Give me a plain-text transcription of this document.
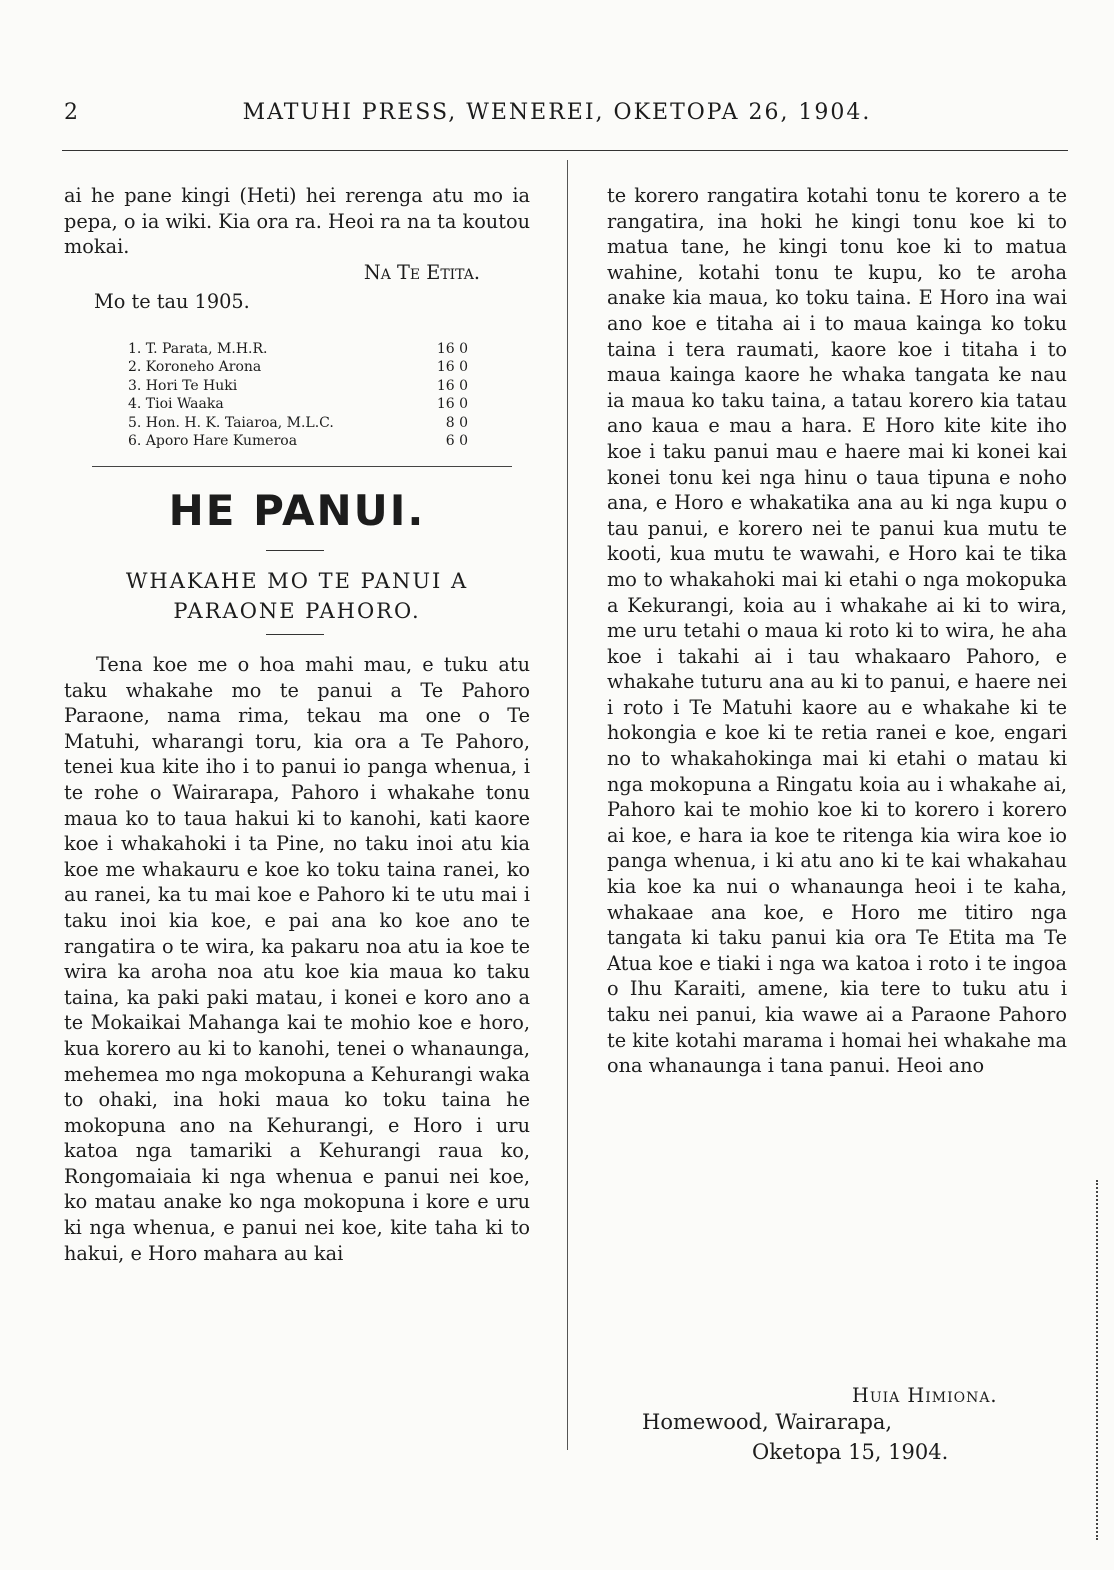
2	MATUHI PRESS, WENEREI, OKETOPA 26, 1904.

ai he pane kingi (Heti) hei rerenga atu mo ia pepa, o ia wiki. Kia ora ra. Heoi ra na ta koutou mokai.

Na Te Etita.
Mo te tau 1905.
1. T. Parata, M.H.R.	16 0
2. Koroneho Arona	16 0
3. Hori Te Huki	16 0
4. Tioi Waaka	16 0
5. Hon. H. K. Taiaroa, M.L.C.	8 0
6. Aporo Hare Kumeroa	6 0
HE PANUI.
WHAKAHE MO TE PANUI A
PARAONE PAHORO.

Tena koe me o hoa mahi mau, e tuku atu taku whakahe mo te panui a Te Pahoro Paraone, nama rima, tekau ma one o Te Matuhi, wharangi toru, kia ora a Te Pahoro, tenei kua kite iho i to panui io panga whenua, i te rohe o Wairarapa, Pahoro i whakahe tonu maua ko to taua hakui ki to kanohi, kati kaore koe i whakahoki i ta Pine, no taku inoi atu kia koe me whakauru e koe ko toku taina ranei, ko au ranei, ka tu mai koe e Pahoro ki te utu mai i taku inoi kia koe, e pai ana ko koe ano te rangatira o te wira, ka pakaru noa atu ia koe te wira ka aroha noa atu koe kia maua ko taku taina, ka paki paki matau, i konei e koro ano a te Mokaikai Mahanga kai te mohio koe e horo, kua korero au ki to kanohi, tenei o whanaunga, mehemea mo nga mokopuna a Kehurangi waka to ohaki, ina hoki maua ko toku taina he mokopuna ano na Kehurangi, e Horo i uru katoa nga tamariki a Kehurangi raua ko, Rongomaiaia ki nga whenua e panui nei koe, ko matau anake ko nga mokopuna i kore e uru ki nga whenua, e panui nei koe, kite taha ki to hakui, e Horo mahara au kai

te korero rangatira kotahi tonu te korero a te rangatira, ina hoki he kingi tonu koe ki to matua tane, he kingi tonu koe ki to matua wahine, kotahi tonu te kupu, ko te aroha anake kia maua, ko toku taina. E Horo ina wai ano koe e titaha ai i to maua kainga ko toku taina i tera raumati, kaore koe i titaha i to maua kainga kaore he whaka tangata ke nau ia maua ko taku taina, a tatau korero kia tatau ano kaua e mau a hara. E Horo kite kite iho koe i taku panui mau e haere mai ki konei kai konei tonu kei nga hinu o taua tipuna e noho ana, e Horo e whakatika ana au ki nga kupu o tau panui, e korero nei te panui kua mutu te kooti, kua mutu te wawahi, e Horo kai te tika mo to whakahoki mai ki etahi o nga mokopuka a Kekurangi, koia au i whakahe ai ki to wira, me uru tetahi o maua ki roto ki to wira, he aha koe i takahi ai i tau whakaaro Pahoro, e whakahe tuturu ana au ki to panui, e haere nei i roto i Te Matuhi kaore au e whakahe ki te hokongia e koe ki te retia ranei e koe, engari no to whakahokinga mai ki etahi o matau ki nga mokopuna a Ringatu koia au i whakahe ai, Pahoro kai te mohio koe ki to korero i korero ai koe, e hara ia koe te ritenga kia wira koe io panga whenua, i ki atu ano ki te kai whakahau kia koe ka nui o whanaunga heoi i te kaha, whakaae ana koe, e Horo me titiro nga tangata ki taku panui kia ora Te Etita ma Te Atua koe e tiaki i nga wa katoa i roto i te ingoa o Ihu Karaiti, amene, kia tere to tuku atu i taku nei panui, kia wawe ai a Paraone Pahoro te kite kotahi marama i homai hei whakahe ma ona whanaunga i tana panui. Heoi ano

Huia Himiona.
Homewood, Wairarapa,
Oketopa 15, 1904.
